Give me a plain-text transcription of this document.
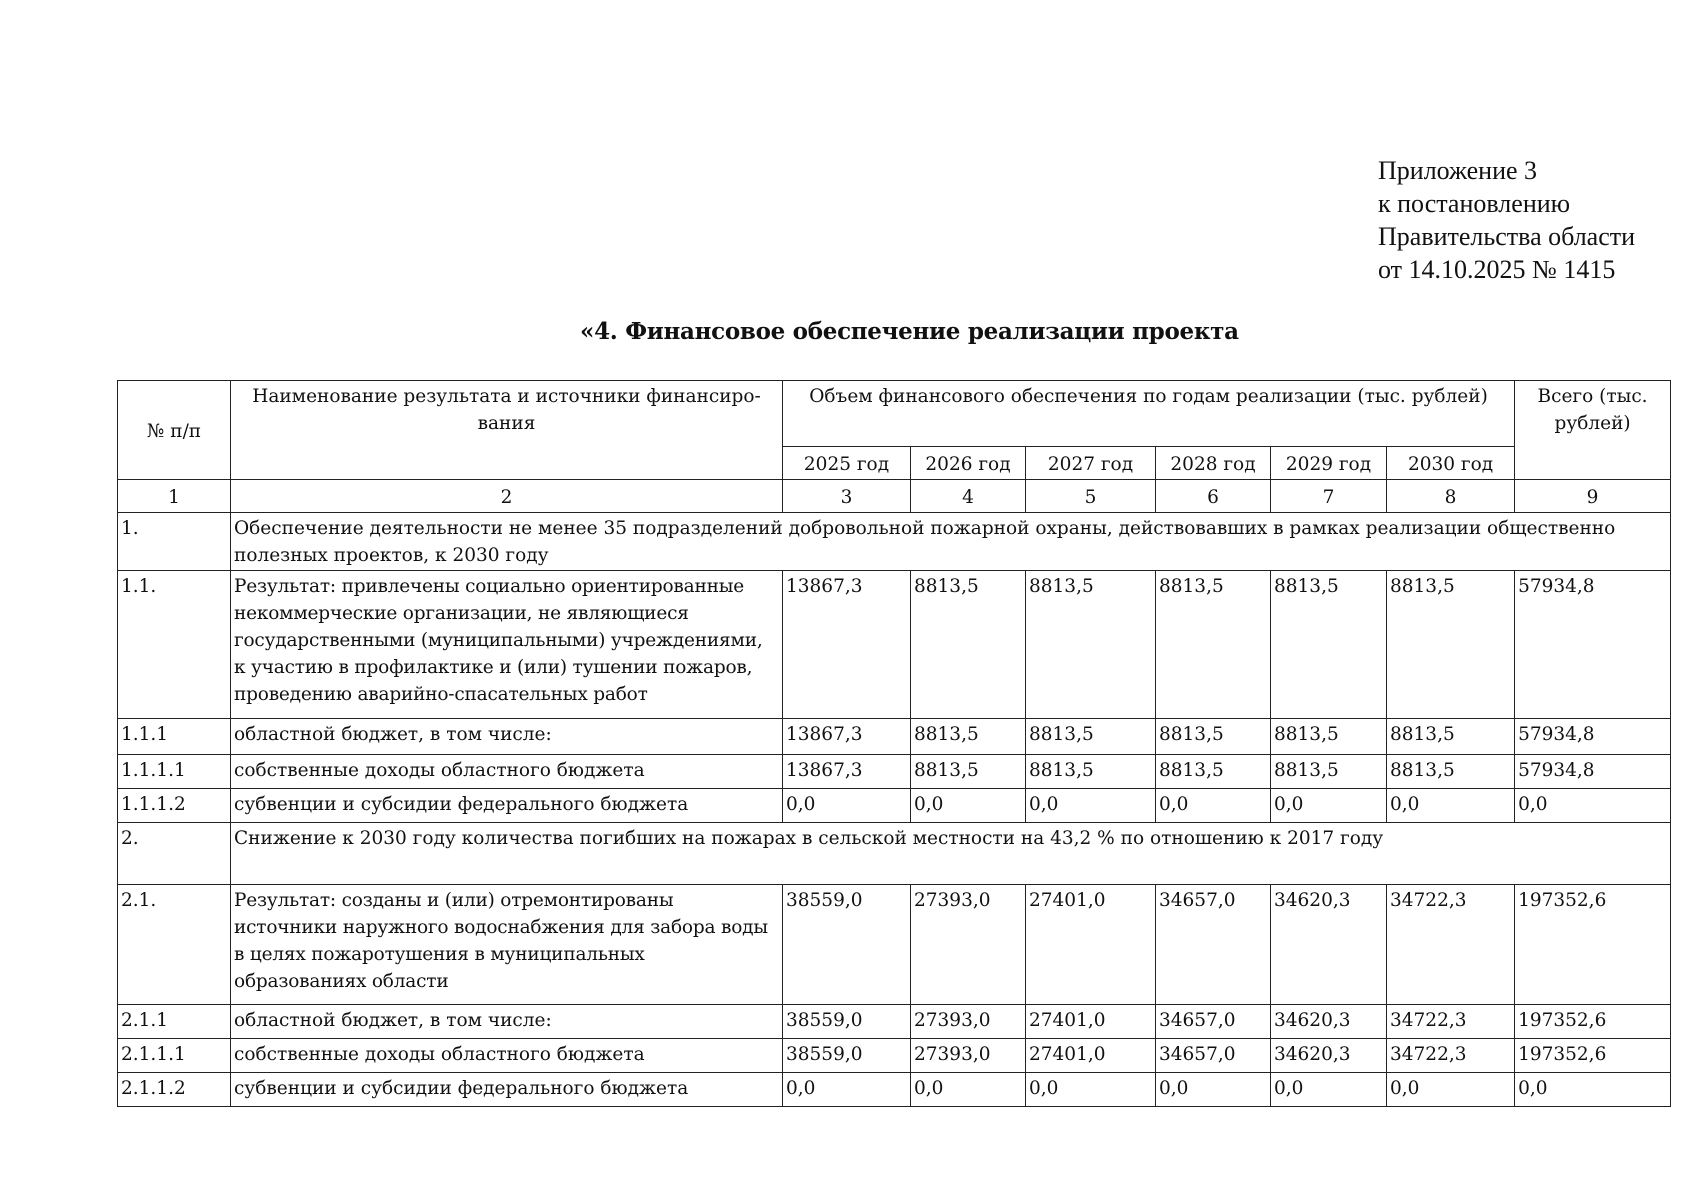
Приложение 3
к постановлению
Правительства области
от 14.10.2025 № 1415
«4. Финансовое обеспечение реализации проекта
№ п/п	Наименование результата и источники финансиро-вания	Объем финансового обеспечения по годам реализации (тыс. рублей)						Всего (тыс. рублей)
		2025 год	2026 год	2027 год	2028 год	2029 год	2030 год	
1	2	3	4	5	6	7	8	9
1.	Обеспечение деятельности не менее 35 подразделений добровольной пожарной охраны, действовавших в рамках реализации общественно полезных проектов, к 2030 году							
1.1.	Результат: привлечены социально ориентированные некоммерческие организации, не являющиеся государственными (муниципальными) учреждениями, к участию в профилактике и (или) тушении пожаров, проведению аварийно-спасательных работ	13867,3	8813,5	8813,5	8813,5	8813,5	8813,5	57934,8
1.1.1	областной бюджет, в том числе:	13867,3	8813,5	8813,5	8813,5	8813,5	8813,5	57934,8
1.1.1.1	собственные доходы областного бюджета	13867,3	8813,5	8813,5	8813,5	8813,5	8813,5	57934,8
1.1.1.2	субвенции и субсидии федерального бюджета	0,0	0,0	0,0	0,0	0,0	0,0	0,0
2.	Снижение к 2030 году количества погибших на пожарах в сельской местности на 43,2 % по отношению к 2017 году							
2.1.	Результат: созданы и (или) отремонтированы источники наружного водоснабжения для забора воды в целях пожаротушения в муниципальных образованиях области	38559,0	27393,0	27401,0	34657,0	34620,3	34722,3	197352,6
2.1.1	областной бюджет, в том числе:	38559,0	27393,0	27401,0	34657,0	34620,3	34722,3	197352,6
2.1.1.1	собственные доходы областного бюджета	38559,0	27393,0	27401,0	34657,0	34620,3	34722,3	197352,6
2.1.1.2	субвенции и субсидии федерального бюджета	0,0	0,0	0,0	0,0	0,0	0,0	0,0
